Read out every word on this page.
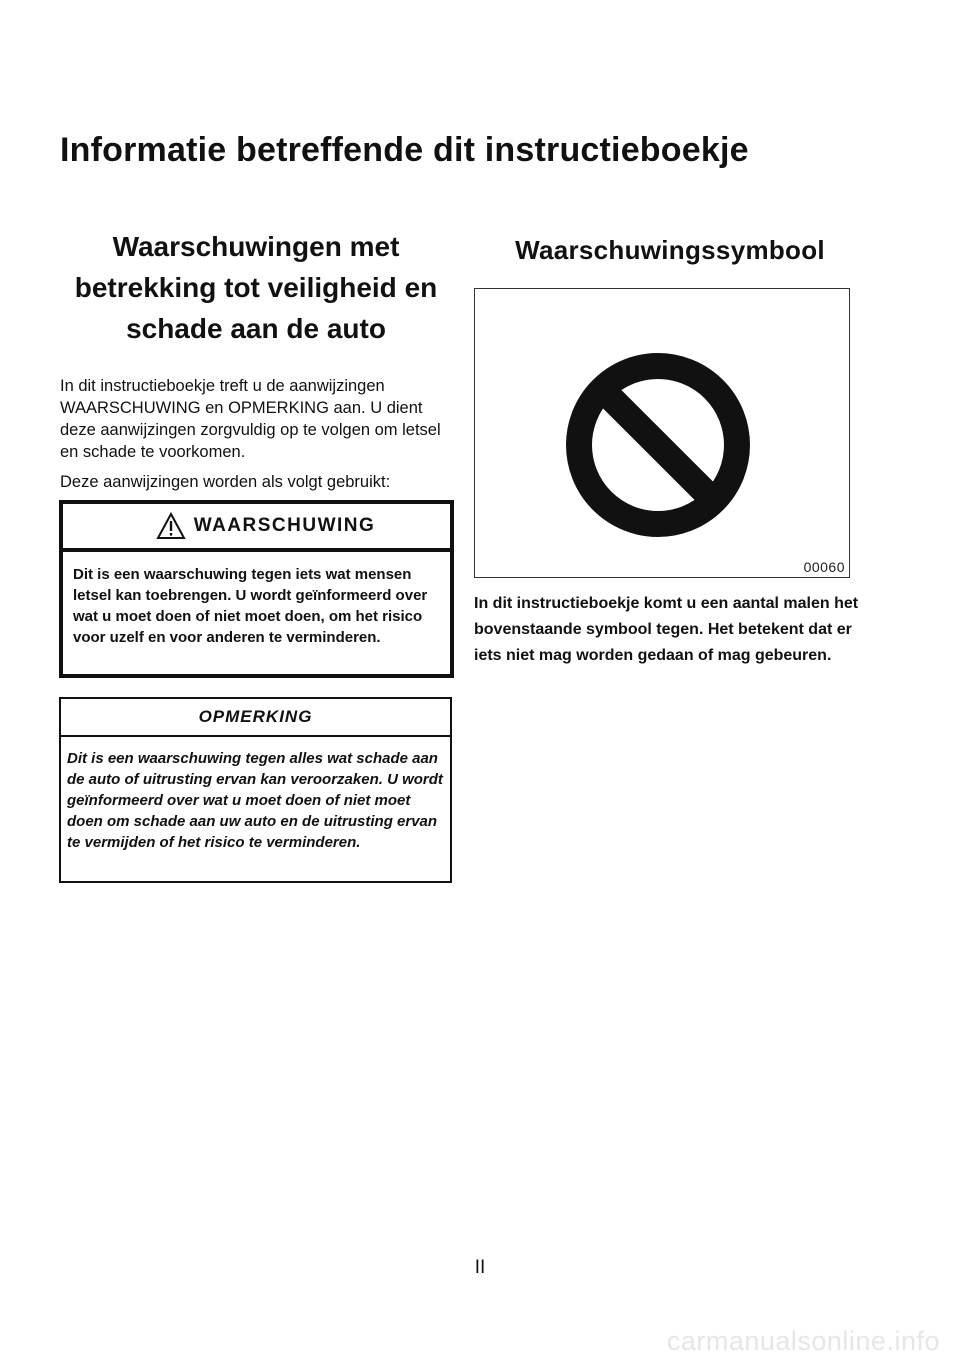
Informatie betreffende dit instructieboekje
Waarschuwingen met betrekking tot veiligheid en schade aan de auto

In dit instructieboekje treft u de aanwijzingen WAARSCHUWING en OPMERKING aan. U dient deze aanwijzingen zorgvuldig op te volgen om letsel en schade te voorkomen.

Deze aanwijzingen worden als volgt gebruikt:

WAARSCHUWING
Dit is een waarschuwing tegen iets wat mensen letsel kan toebrengen. U wordt geïnformeerd over wat u moet doen of niet moet doen, om het risico voor uzelf en voor anderen te verminderen.
OPMERKING
Dit is een waarschuwing tegen alles wat schade aan de auto of uitrusting ervan kan veroorzaken. U wordt geïnformeerd over wat u moet doen of niet moet doen om schade aan uw auto en de uitrusting ervan te vermijden of het risico te verminderen.
Waarschuwingssymbool
00060

In dit instructieboekje komt u een aantal malen het bovenstaande symbool tegen. Het betekent dat er iets niet mag worden gedaan of mag gebeuren.

II
carmanualsonline.info
